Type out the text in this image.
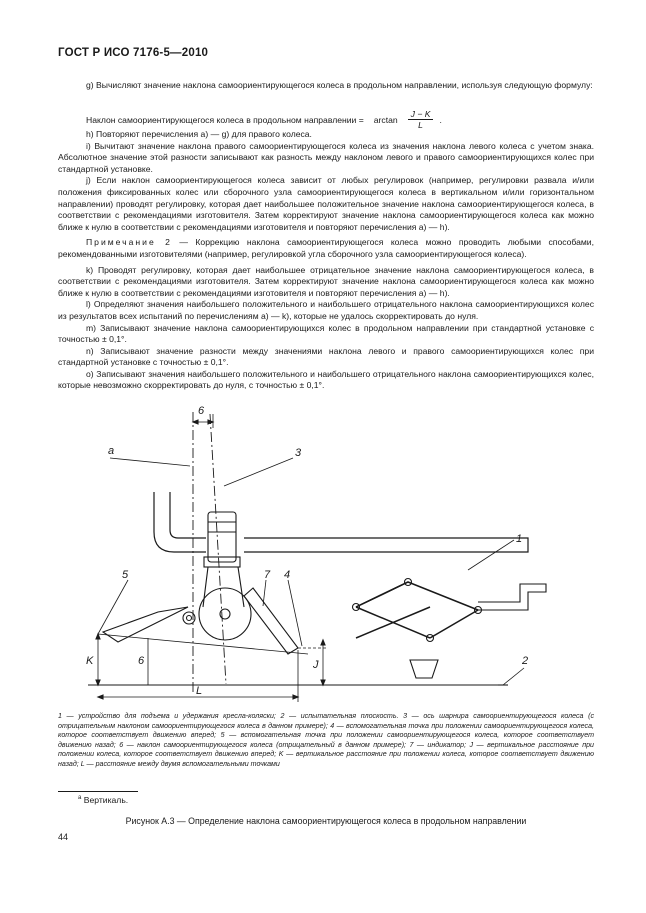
ГОСТ Р ИСО 7176-5—2010

g) Вычисляют значение наклона самоориентирующегося колеса в продольном направлении, используя следующую формулу:

Наклон самоориентирующегося колеса в продольном направлении = $\arctan \frac{J - K}{L}$ .

h) Повторяют перечисления a) — g) для правого колеса.

i) Вычитают значение наклона правого самоориентирующегося колеса из значения наклона левого колеса с учетом знака. Абсолютное значение этой разности записывают как разность между наклоном левого и правого самоориентирующихся колес при стандартной установке.

j) Если наклон самоориентирующегося колеса зависит от любых регулировок (например, регулировки развала и/или положения фиксированных колес или сборочного узла самоориентирующегося колеса в вертикальном и/или горизонтальном направлении) проводят регулировку, которая дает наибольшее положительное значение наклона самоориентирующегося колеса, в соответствии с рекомендациями изготовителя. Затем корректируют значение наклона самоориентирующегося колеса как можно ближе к нулю в соответствии с рекомендациями изготовителя и повторяют перечисления a) — h).

Примечание 2 — Коррекцию наклона самоориентирующегося колеса можно проводить любыми способами, рекомендованными изготовителями (например, регулировкой угла сборочного узла самоориентирующегося колеса).

k) Проводят регулировку, которая дает наибольшее отрицательное значение наклона самоориентирующегося колеса, в соответствии с рекомендациями изготовителя. Затем корректируют значение наклона самоориентирующегося колеса как можно ближе к нулю в соответствии с рекомендациями изготовителя и повторяют перечисления a) — h).

l) Определяют значения наибольшего положительного и наибольшего отрицательного наклона самоориентирующихся колес из результатов всех испытаний по перечислениям a) — k), которые не удалось скорректировать до нуля.

m) Записывают значение наклона самоориентирующихся колес в продольном направлении при стандартной установке с точностью ± 0,1°.

n) Записывают значение разности между значениями наклона левого и правого самоориентирующихся колес при стандартной установке с точностью ± 0,1°.

o) Записывают значения наибольшего положительного и наибольшего отрицательного наклона самоориентирующихся колес, которые невозможно скорректировать до нуля, с точностью ± 0,1°.

6
a	3
1
5	7 4
2
K	6	J
L
1 — устройство для подъема и удержания кресла-коляски; 2 — испытательная плоскость. 3 — ось шарнира самоориентирующегося колеса (с отрицательным наклоном самоориентирующегося колеса в данном примере); 4 — вспомогательная точка при положении самоориентирующегося колеса, которое соответствует движению вперед; 5 — вспомогательная точка при положении самоориентирующегося колеса, которое соответствует движению назад; 6 — наклон самоориентирующегося колеса (отрицательный в данном примере); 7 — индикатор; J — вертикальное расстояние при положении колеса, которое соответствует движению вперед; K — вертикальное расстояние при положении колеса, которое соответствует движению назад; L — расстояние между двумя вспомогательными точками
$^a$ Вертикаль.
Рисунок A.3 — Определение наклона самоориентирующегося колеса в продольном направлении
44
